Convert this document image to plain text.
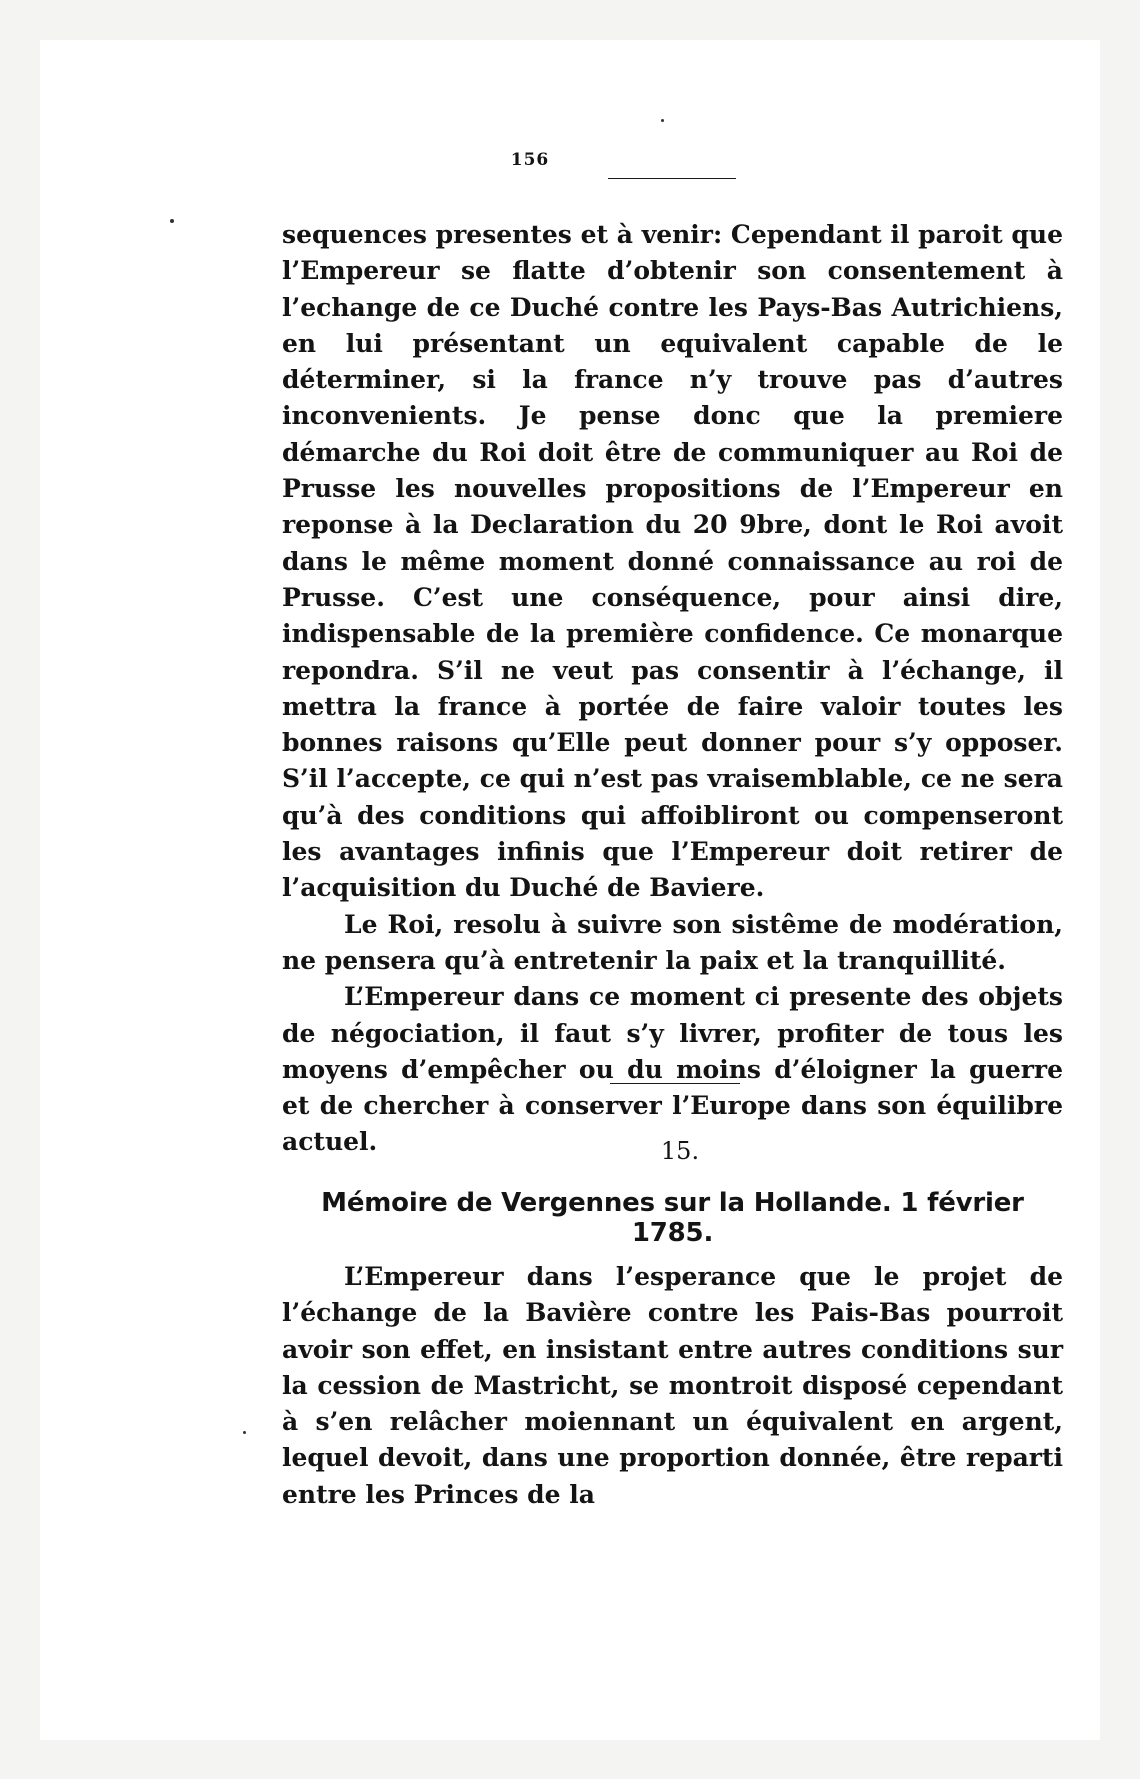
156

sequences presentes et à venir: Cependant il paroit que l’Empereur se flatte d’obtenir son consentement à l’echange de ce Duché contre les Pays-Bas Autrichiens, en lui présentant un equivalent capable de le déterminer, si la france n’y trouve pas d’autres inconvenients. Je pense donc que la premiere démarche du Roi doit être de communiquer au Roi de Prusse les nouvelles propositions de l’Empereur en reponse à la Declaration du 20 9bre, dont le Roi avoit dans le même moment donné connaissance au roi de Prusse. C’est une conséquence, pour ainsi dire, indispensable de la première confidence. Ce monarque repondra. S’il ne veut pas consentir à l’échange, il mettra la france à portée de faire valoir toutes les bonnes raisons qu’Elle peut donner pour s’y opposer. S’il l’accepte, ce qui n’est pas vraisemblable, ce ne sera qu’à des conditions qui affoibliront ou compenseront les avantages infinis que l’Empereur doit retirer de l’acquisition du Duché de Baviere.

Le Roi, resolu à suivre son sistême de modération, ne pensera qu’à entretenir la paix et la tranquillité.

L’Empereur dans ce moment ci presente des objets de négociation, il faut s’y livrer, profiter de tous les moyens d’empêcher ou du moins d’éloigner la guerre et de chercher à conserver l’Europe dans son équilibre actuel.	15.
Mémoire de Vergennes sur la Hollande. 1 février 1785.

L’Empereur dans l’esperance que le projet de l’échange de la Bavière contre les Pais-Bas pourroit avoir son effet, en insistant entre autres conditions sur la cession de Mastricht, se montroit disposé cependant à s’en relâcher moiennant un équivalent en argent, lequel devoit, dans une proportion donnée, être reparti entre les Princes de la
